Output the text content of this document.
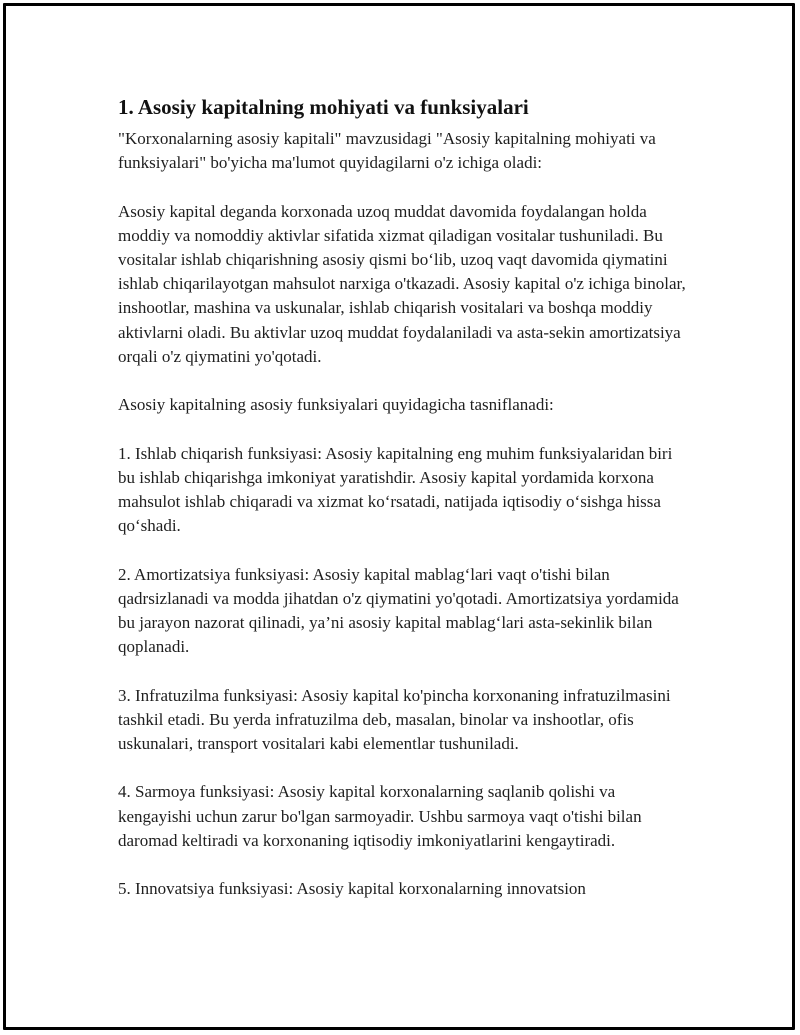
1. Asosiy kapitalning mohiyati va funksiyalari

"Korxonalarning asosiy kapitali" mavzusidagi "Asosiy kapitalning mohiyati va funksiyalari" bo'yicha ma'lumot quyidagilarni o'z ichiga oladi:

Asosiy kapital deganda korxonada uzoq muddat davomida foydalangan holda moddiy va nomoddiy aktivlar sifatida xizmat qiladigan vositalar tushuniladi. Bu vositalar ishlab chiqarishning asosiy qismi bo‘lib, uzoq vaqt davomida qiymatini ishlab chiqarilayotgan mahsulot narxiga o'tkazadi. Asosiy kapital o'z ichiga binolar, inshootlar, mashina va uskunalar, ishlab chiqarish vositalari va boshqa moddiy aktivlarni oladi. Bu aktivlar uzoq muddat foydalaniladi va asta-sekin amortizatsiya orqali o'z qiymatini yo'qotadi.

Asosiy kapitalning asosiy funksiyalari quyidagicha tasniflanadi:

1. Ishlab chiqarish funksiyasi: Asosiy kapitalning eng muhim funksiyalaridan biri bu ishlab chiqarishga imkoniyat yaratishdir. Asosiy kapital yordamida korxona mahsulot ishlab chiqaradi va xizmat ko‘rsatadi, natijada iqtisodiy o‘sishga hissa qo‘shadi.

2. Amortizatsiya funksiyasi: Asosiy kapital mablag‘lari vaqt o'tishi bilan qadrsizlanadi va modda jihatdan o'z qiymatini yo'qotadi. Amortizatsiya yordamida bu jarayon nazorat qilinadi, ya’ni asosiy kapital mablag‘lari asta-sekinlik bilan qoplanadi.

3. Infratuzilma funksiyasi: Asosiy kapital ko'pincha korxonaning infratuzilmasini tashkil etadi. Bu yerda infratuzilma deb, masalan, binolar va inshootlar, ofis uskunalari, transport vositalari kabi elementlar tushuniladi.

4. Sarmoya funksiyasi: Asosiy kapital korxonalarning saqlanib qolishi va kengayishi uchun zarur bo'lgan sarmoyadir. Ushbu sarmoya vaqt o'tishi bilan daromad keltiradi va korxonaning iqtisodiy imkoniyatlarini kengaytiradi.

5. Innovatsiya funksiyasi: Asosiy kapital korxonalarning innovatsion
